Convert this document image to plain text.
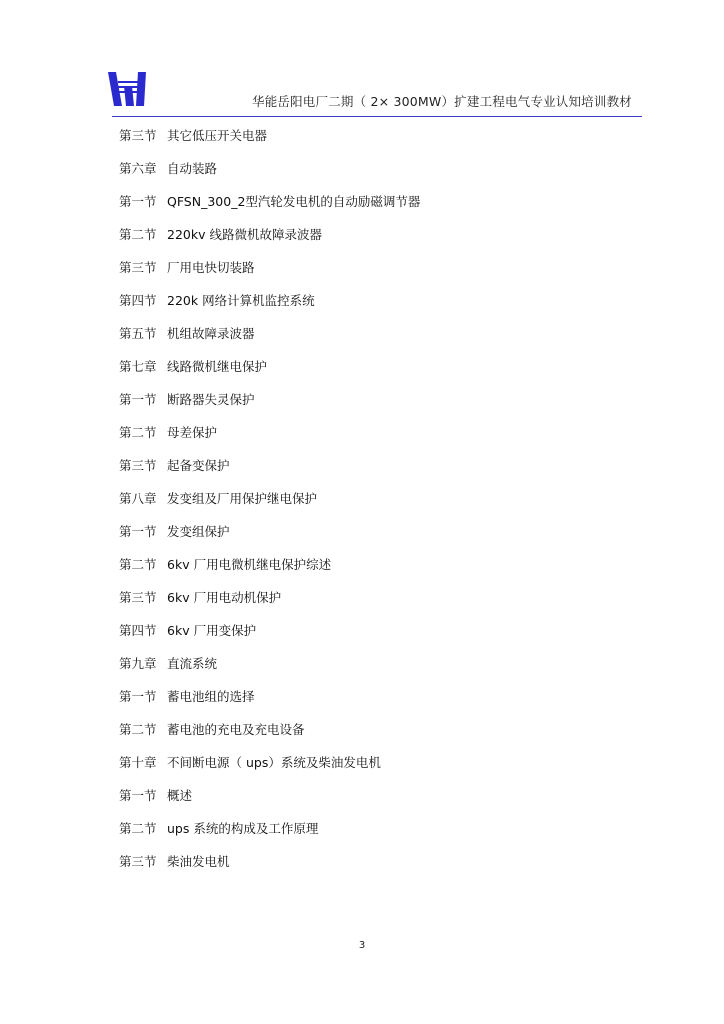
华能岳阳电厂二期（ 2× 300MW）扩建工程电气专业认知培训教材
第三节 其它低压开关电器
第六章 自动装路
第一节 QFSN_300_2型汽轮发电机的自动励磁调节器
第二节 220kv 线路微机故障录波器
第三节 厂用电快切装路
第四节 220k 网络计算机监控系统
第五节 机组故障录波器
第七章 线路微机继电保护
第一节 断路器失灵保护
第二节 母差保护
第三节 起备变保护
第八章 发变组及厂用保护继电保护
第一节 发变组保护
第二节 6kv 厂用电微机继电保护综述
第三节 6kv 厂用电动机保护
第四节 6kv 厂用变保护
第九章 直流系统
第一节 蓄电池组的选择
第二节 蓄电池的充电及充电设备
第十章 不间断电源（ ups）系统及柴油发电机
第一节 概述
第二节 ups 系统的构成及工作原理
第三节 柴油发电机
3
